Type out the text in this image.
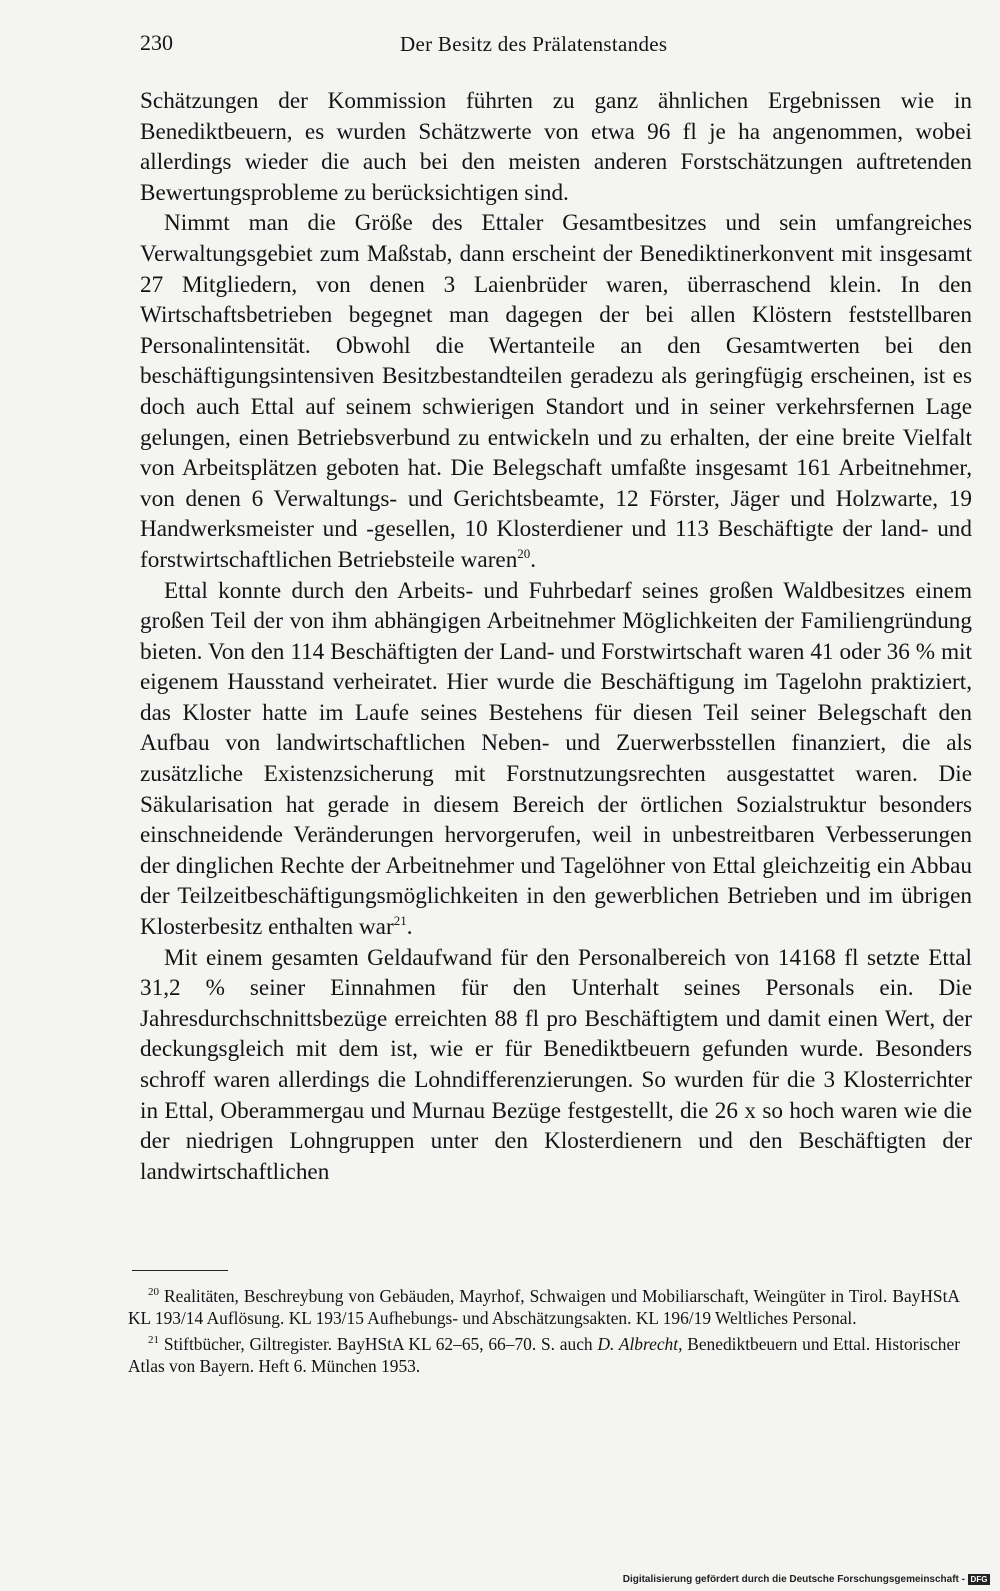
230	Der Besitz des Prälatenstandes

Schätzungen der Kommission führten zu ganz ähnlichen Ergebnissen wie in Benediktbeuern, es wurden Schätzwerte von etwa 96 fl je ha angenommen, wobei allerdings wieder die auch bei den meisten anderen Forstschätzungen auftretenden Bewertungsprobleme zu berücksichtigen sind.

Nimmt man die Größe des Ettaler Gesamtbesitzes und sein umfangreiches Verwaltungsgebiet zum Maßstab, dann erscheint der Benediktinerkonvent mit insgesamt 27 Mitgliedern, von denen 3 Laienbrüder waren, überraschend klein. In den Wirtschaftsbetrieben begegnet man dagegen der bei allen Klöstern feststellbaren Personalintensität. Obwohl die Wertanteile an den Gesamtwerten bei den beschäftigungsintensiven Besitzbestandteilen geradezu als geringfügig erscheinen, ist es doch auch Ettal auf seinem schwierigen Standort und in seiner verkehrsfernen Lage gelungen, einen Betriebsverbund zu entwickeln und zu erhalten, der eine breite Vielfalt von Arbeitsplätzen geboten hat. Die Belegschaft umfaßte insgesamt 161 Arbeitnehmer, von denen 6 Verwaltungs- und Gerichtsbeamte, 12 Förster, Jäger und Holzwarte, 19 Handwerksmeister und -gesellen, 10 Klosterdiener und 113 Beschäftigte der land- und forstwirtschaftlichen Betriebsteile waren$^{20}$.

Ettal konnte durch den Arbeits- und Fuhrbedarf seines großen Waldbesitzes einem großen Teil der von ihm abhängigen Arbeitnehmer Möglichkeiten der Familiengründung bieten. Von den 114 Beschäftigten der Land- und Forstwirtschaft waren 41 oder 36 % mit eigenem Hausstand verheiratet. Hier wurde die Beschäftigung im Tagelohn praktiziert, das Kloster hatte im Laufe seines Bestehens für diesen Teil seiner Belegschaft den Aufbau von landwirtschaftlichen Neben- und Zuerwerbsstellen finanziert, die als zusätzliche Existenzsicherung mit Forstnutzungsrechten ausgestattet waren. Die Säkularisation hat gerade in diesem Bereich der örtlichen Sozialstruktur besonders einschneidende Veränderungen hervorgerufen, weil in unbestreitbaren Verbesserungen der dinglichen Rechte der Arbeitnehmer und Tagelöhner von Ettal gleichzeitig ein Abbau der Teilzeitbeschäftigungsmöglichkeiten in den gewerblichen Betrieben und im übrigen Klosterbesitz enthalten war$^{21}$.

Mit einem gesamten Geldaufwand für den Personalbereich von 14168 fl setzte Ettal 31,2 % seiner Einnahmen für den Unterhalt seines Personals ein. Die Jahresdurchschnittsbezüge erreichten 88 fl pro Beschäftigtem und damit einen Wert, der deckungsgleich mit dem ist, wie er für Benediktbeuern gefunden wurde. Besonders schroff waren allerdings die Lohndifferenzierungen. So wurden für die 3 Klosterrichter in Ettal, Oberammergau und Murnau Bezüge festgestellt, die 26 x so hoch waren wie die der niedrigen Lohngruppen unter den Klosterdienern und den Beschäftigten der landwirtschaftlichen

$^{20}$ Realitäten, Beschreybung von Gebäuden, Mayrhof, Schwaigen und Mobiliarschaft, Weingüter in Tirol. BayHStA KL 193/14 Auflösung. KL 193/15 Aufhebungs- und Abschätzungsakten. KL 196/19 Weltliches Personal.

$^{21}$ Stiftbücher, Giltregister. BayHStA KL 62–65, 66–70. S. auch D. Albrecht, Benediktbeuern und Ettal. Historischer Atlas von Bayern. Heft 6. München 1953.

Digitalisierung gefördert durch die Deutsche Forschungsgemeinschaft - DFG
